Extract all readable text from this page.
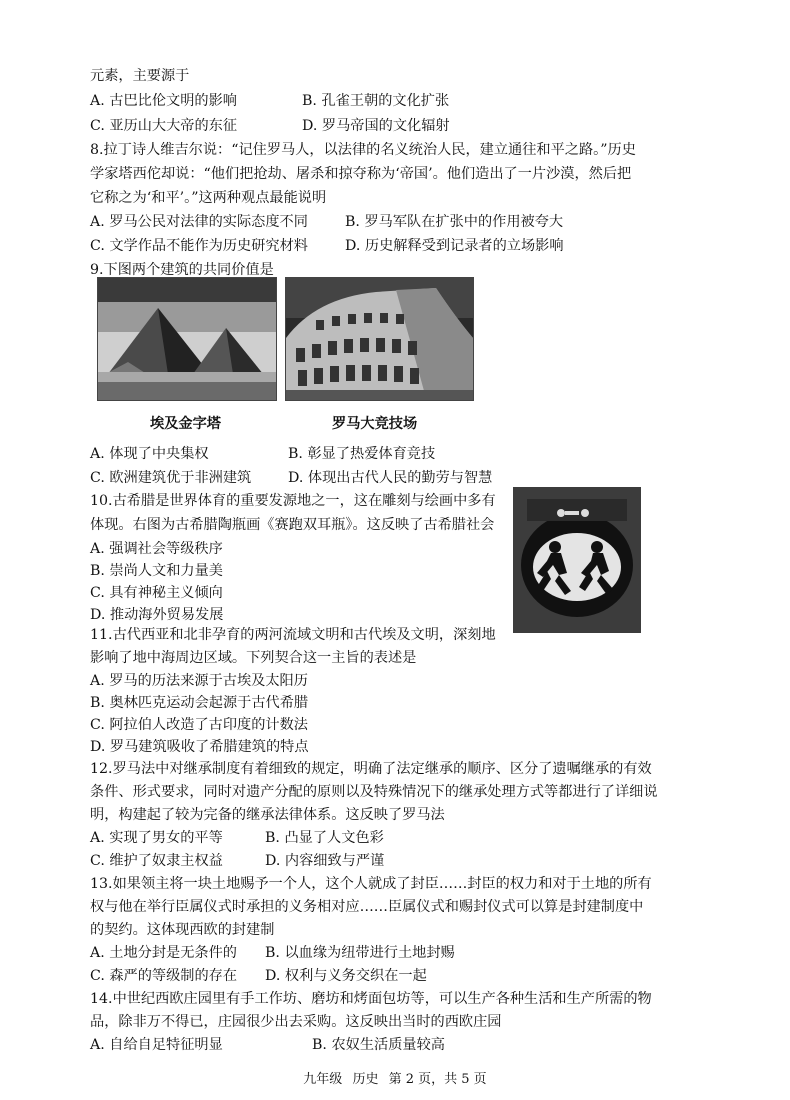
元素，主要源于
A. 古巴比伦文明的影响	B. 孔雀王朝的文化扩张
C. 亚历山大大帝的东征	D. 罗马帝国的文化辐射
8.拉丁诗人维吉尔说：“记住罗马人，以法律的名义统治人民，建立通往和平之路。”历史
学家塔西佗却说：“他们把抢劫、屠杀和掠夺称为‘帝国’。他们造出了一片沙漠，然后把
它称之为‘和平’。”这两种观点最能说明
A. 罗马公民对法律的实际态度不同	B. 罗马军队在扩张中的作用被夸大
C. 文学作品不能作为历史研究材料	D. 历史解释受到记录者的立场影响
9.下图两个建筑的共同价值是
埃及金字塔	罗马大竞技场
A. 体现了中央集权	B. 彰显了热爱体育竞技
C. 欧洲建筑优于非洲建筑	D. 体现出古代人民的勤劳与智慧
10.古希腊是世界体育的重要发源地之一，这在雕刻与绘画中多有
体现。右图为古希腊陶瓶画《赛跑双耳瓶》。这反映了古希腊社会
A. 强调社会等级秩序
B. 崇尚人文和力量美
C. 具有神秘主义倾向
D. 推动海外贸易发展
11.古代西亚和北非孕育的两河流域文明和古代埃及文明，深刻地
影响了地中海周边区域。下列契合这一主旨的表述是
A. 罗马的历法来源于古埃及太阳历
B. 奥林匹克运动会起源于古代希腊
C. 阿拉伯人改造了古印度的计数法
D. 罗马建筑吸收了希腊建筑的特点
12.罗马法中对继承制度有着细致的规定，明确了法定继承的顺序、区分了遗嘱继承的有效
条件、形式要求，同时对遗产分配的原则以及特殊情况下的继承处理方式等都进行了详细说
明，构建起了较为完备的继承法律体系。这反映了罗马法
A. 实现了男女的平等	B. 凸显了人文色彩
C. 维护了奴隶主权益	D. 内容细致与严谨
13.如果领主将一块土地赐予一个人，这个人就成了封臣……封臣的权力和对于土地的所有
权与他在举行臣属仪式时承担的义务相对应……臣属仪式和赐封仪式可以算是封建制度中
的契约。这体现西欧的封建制
A. 土地分封是无条件的 B. 以血缘为纽带进行土地封赐
C. 森严的等级制的存在 D. 权利与义务交织在一起
14.中世纪西欧庄园里有手工作坊、磨坊和烤面包坊等，可以生产各种生活和生产所需的物
品，除非万不得已，庄园很少出去采购。这反映出当时的西欧庄园
A. 自给自足特征明显	B. 农奴生活质量较高
九年级 历史 第 2 页，共 5 页
